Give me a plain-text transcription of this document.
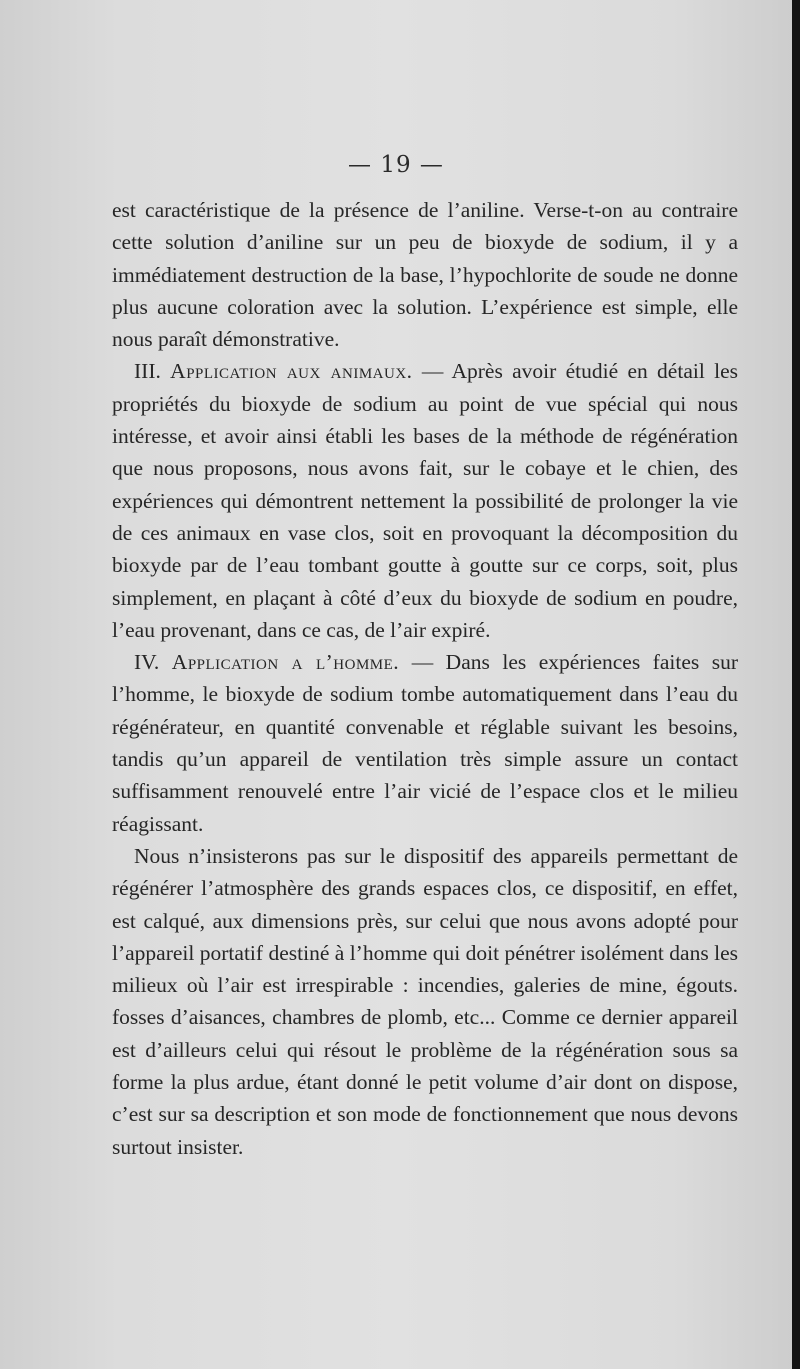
— 19 —

est caractéristique de la présence de l’aniline. Verse-t-on au contraire cette solution d’aniline sur un peu de bioxyde de sodium, il y a immédiatement destruction de la base, l’hypochlorite de soude ne donne plus aucune coloration avec la solution. L’expérience est simple, elle nous paraît démonstrative.

III. Application aux animaux. — Après avoir étudié en détail les propriétés du bioxyde de sodium au point de vue spécial qui nous intéresse, et avoir ainsi établi les bases de la méthode de régénération que nous proposons, nous avons fait, sur le cobaye et le chien, des expériences qui démontrent nettement la possibilité de prolonger la vie de ces animaux en vase clos, soit en provoquant la décomposition du bioxyde par de l’eau tombant goutte à goutte sur ce corps, soit, plus simplement, en plaçant à côté d’eux du bioxyde de sodium en poudre, l’eau provenant, dans ce cas, de l’air expiré.

IV. Application a l’homme. — Dans les expériences faites sur l’homme, le bioxyde de sodium tombe automatiquement dans l’eau du régénérateur, en quantité convenable et réglable suivant les besoins, tandis qu’un appareil de ventilation très simple assure un contact suffisamment renouvelé entre l’air vicié de l’espace clos et le milieu réagissant.

Nous n’insisterons pas sur le dispositif des appareils permettant de régénérer l’atmosphère des grands espaces clos, ce dispositif, en effet, est calqué, aux dimensions près, sur celui que nous avons adopté pour l’appareil portatif destiné à l’homme qui doit pénétrer isolément dans les milieux où l’air est irrespirable : incendies, galeries de mine, égouts. fosses d’aisances, chambres de plomb, etc... Comme ce dernier appareil est d’ailleurs celui qui résout le problème de la régénération sous sa forme la plus ardue, étant donné le petit volume d’air dont on dispose, c’est sur sa description et son mode de fonctionnement que nous devons surtout insister.
